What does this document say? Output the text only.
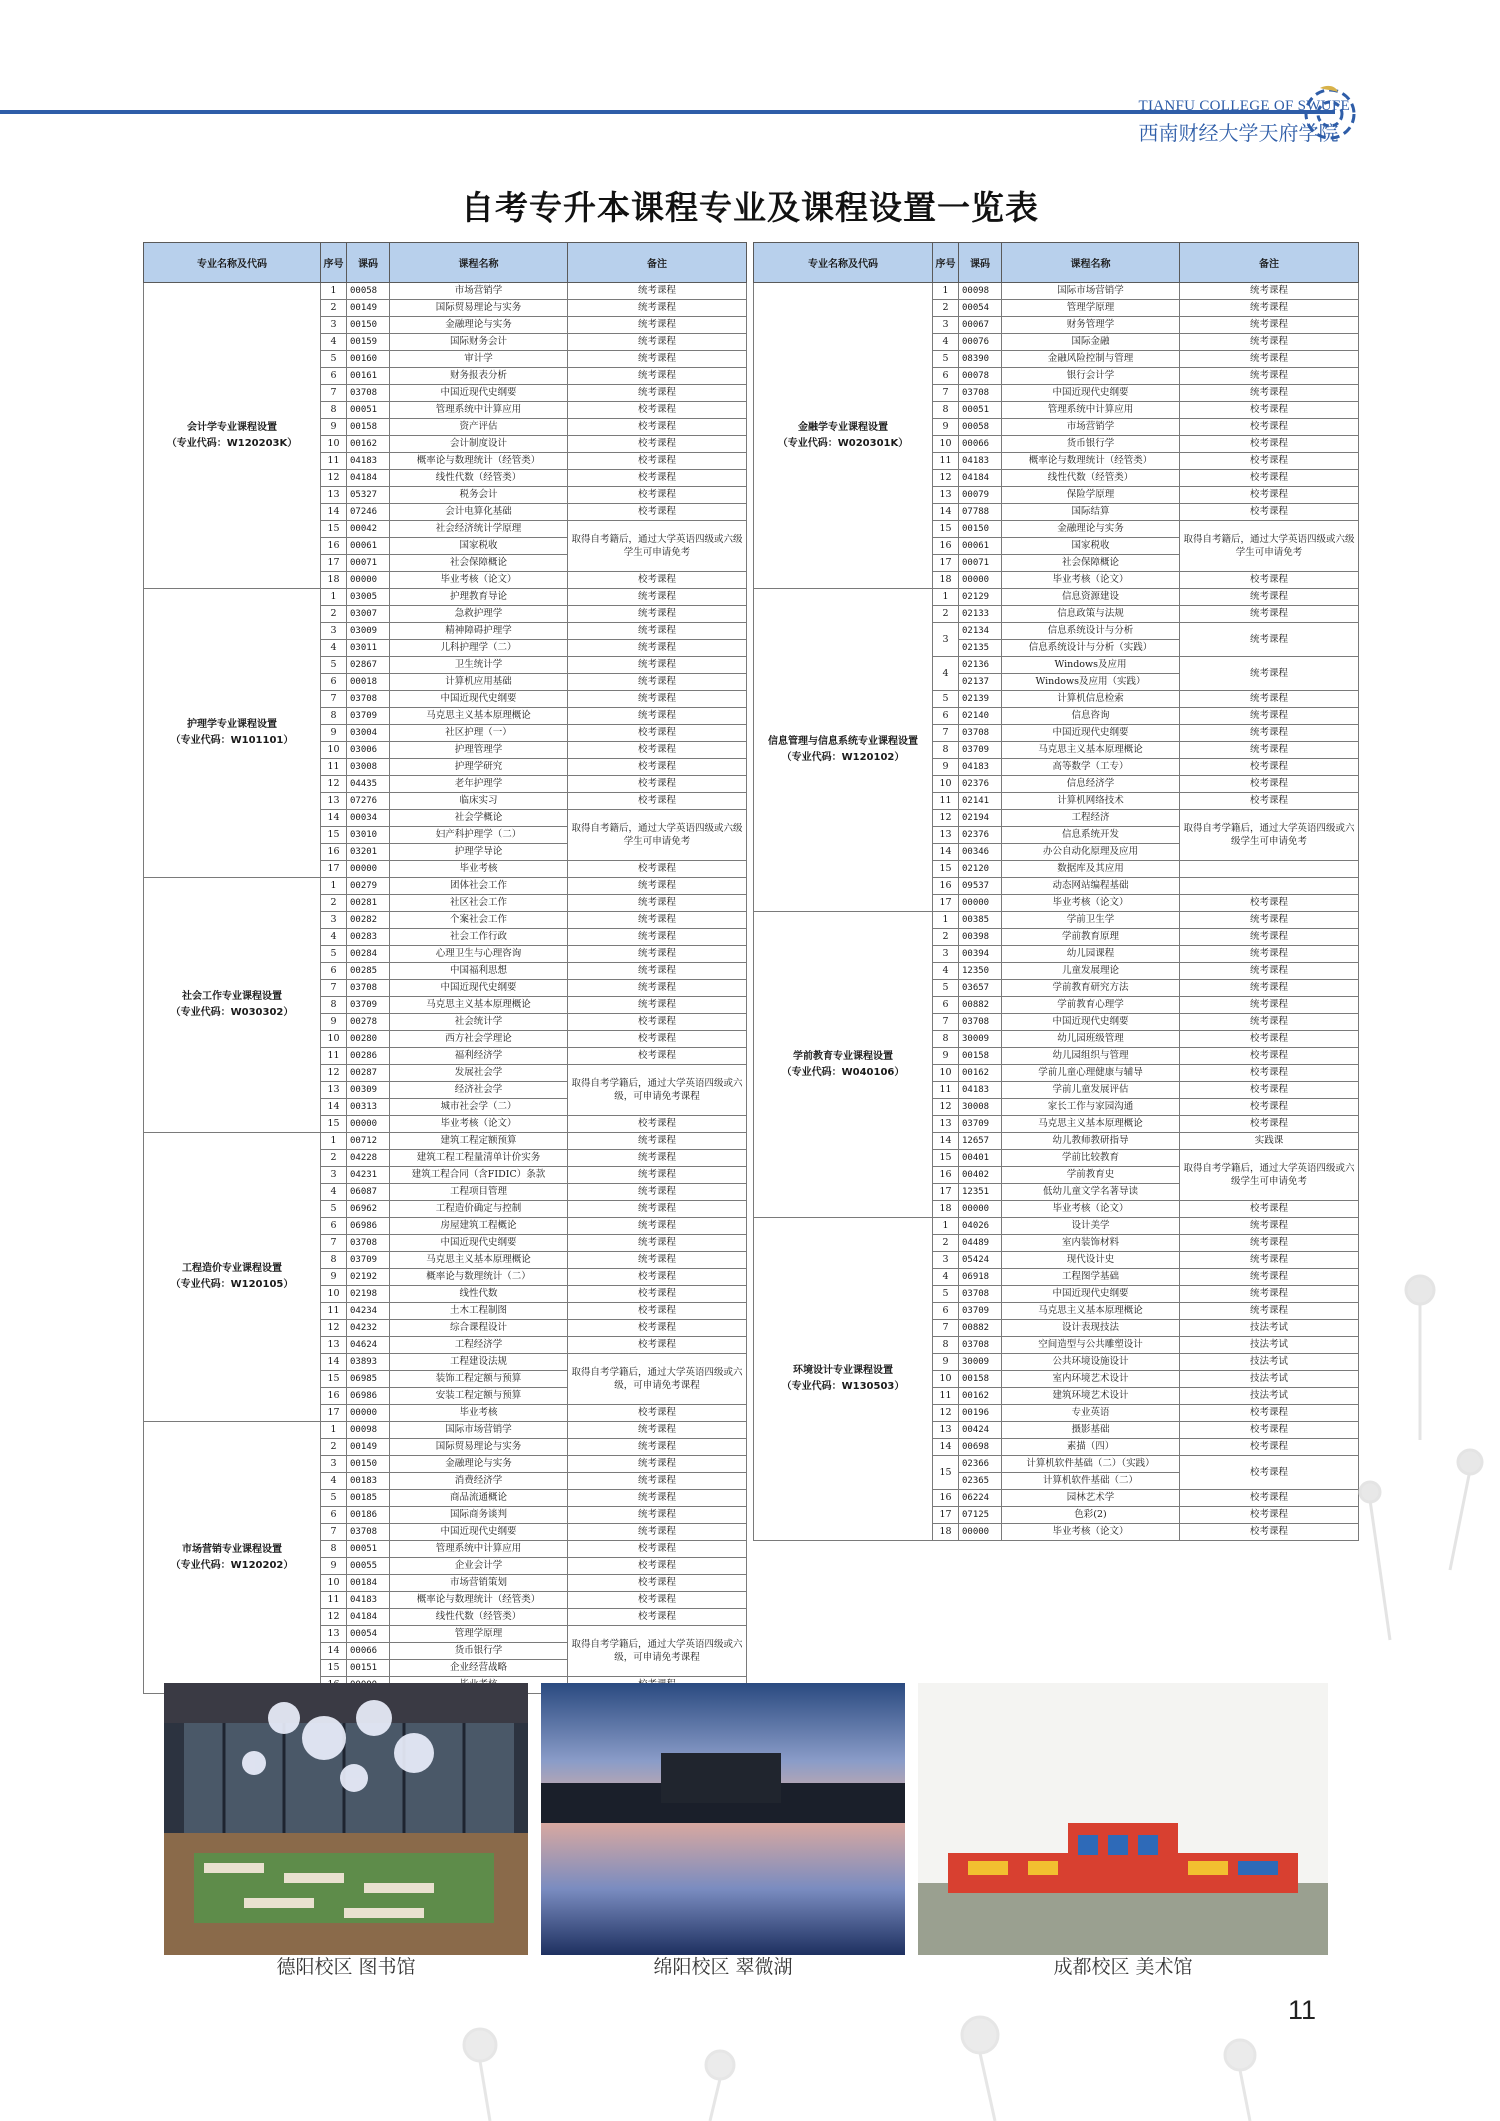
TIANFU COLLEGE OF SWUFE
西南财经大学天府学院
自考专升本课程专业及课程设置一览表
专业名称及代码	序号	课码	课程名称	备注

会计学专业课程设置
（专业代码：W120203K）	1	00058	市场营销学	统考课程
	2	00149	国际贸易理论与实务	统考课程
	3	00150	金融理论与实务	统考课程
	4	00159	国际财务会计	统考课程
	5	00160	审计学	统考课程
	6	00161	财务报表分析	统考课程
	7	03708	中国近现代史纲要	统考课程
	8	00051	管理系统中计算应用	校考课程
	9	00158	资产评估	校考课程
	10	00162	会计制度设计	校考课程
	11	04183	概率论与数理统计（经管类）	校考课程
	12	04184	线性代数（经管类）	校考课程
	13	05327	税务会计	校考课程
	14	07246	会计电算化基础	校考课程
	15	00042	社会经济统计学原理	取得自考籍后，通过大学英语四级或六级学生可申请免考
	16	00061	国家税收	
	17	00071	社会保障概论	
	18	00000	毕业考核（论文）	校考课程

护理学专业课程设置
（专业代码：W101101）	1	03005	护理教育导论	统考课程
	2	03007	急救护理学	统考课程
	3	03009	精神障碍护理学	统考课程
	4	03011	儿科护理学（二）	统考课程
	5	02867	卫生统计学	统考课程
	6	00018	计算机应用基础	统考课程
	7	03708	中国近现代史纲要	统考课程
	8	03709	马克思主义基本原理概论	统考课程
	9	03004	社区护理（一）	校考课程
	10	03006	护理管理学	校考课程
	11	03008	护理学研究	校考课程
	12	04435	老年护理学	校考课程
	13	07276	临床实习	校考课程
	14	00034	社会学概论	取得自考籍后，通过大学英语四级或六级学生可申请免考
	15	03010	妇产科护理学（二）	
	16	03201	护理学导论	
	17	00000	毕业考核	校考课程

社会工作专业课程设置
（专业代码：W030302）	1	00279	团体社会工作	统考课程
	2	00281	社区社会工作	统考课程
	3	00282	个案社会工作	统考课程
	4	00283	社会工作行政	统考课程
	5	00284	心理卫生与心理咨询	统考课程
	6	00285	中国福利思想	统考课程
	7	03708	中国近现代史纲要	统考课程
	8	03709	马克思主义基本原理概论	统考课程
	9	00278	社会统计学	校考课程
	10	00280	西方社会学理论	校考课程
	11	00286	福利经济学	校考课程
	12	00287	发展社会学	取得自考学籍后，通过大学英语四级或六级，可申请免考课程
	13	00309	经济社会学	
	14	00313	城市社会学（二）	
	15	00000	毕业考核（论文）	校考课程

工程造价专业课程设置
（专业代码：W120105）	1	00712	建筑工程定额预算	统考课程
	2	04228	建筑工程工程量清单计价实务	统考课程
	3	04231	建筑工程合同（含FIDIC）条款	统考课程
	4	06087	工程项目管理	统考课程
	5	06962	工程造价确定与控制	统考课程
	6	06986	房屋建筑工程概论	统考课程
	7	03708	中国近现代史纲要	统考课程
	8	03709	马克思主义基本原理概论	统考课程
	9	02192	概率论与数理统计（二）	校考课程
	10	02198	线性代数	校考课程
	11	04234	土木工程制图	校考课程
	12	04232	综合课程设计	校考课程
	13	04624	工程经济学	校考课程
	14	03893	工程建设法规	取得自考学籍后，通过大学英语四级或六级，可申请免考课程
	15	06985	装饰工程定额与预算	
	16	06986	安装工程定额与预算	
	17	00000	毕业考核	校考课程

市场营销专业课程设置
（专业代码：W120202）	1	00098	国际市场营销学	统考课程
	2	00149	国际贸易理论与实务	统考课程
	3	00150	金融理论与实务	统考课程
	4	00183	消费经济学	统考课程
	5	00185	商品流通概论	统考课程
	6	00186	国际商务谈判	统考课程
	7	03708	中国近现代史纲要	统考课程
	8	00051	管理系统中计算应用	校考课程
	9	00055	企业会计学	校考课程
	10	00184	市场营销策划	校考课程
	11	04183	概率论与数理统计（经管类）	校考课程
	12	04184	线性代数（经管类）	校考课程
	13	00054	管理学原理	取得自考学籍后，通过大学英语四级或六级，可申请免考课程
	14	00066	货币银行学	
	15	00151	企业经营战略	

专业名称及代码	序号	课码	课程名称	备注

金融学专业课程设置
（专业代码：W020301K）	1	00098	国际市场营销学	统考课程
	2	00054	管理学原理	统考课程
	3	00067	财务管理学	统考课程
	4	00076	国际金融	统考课程
	5	08390	金融风险控制与管理	统考课程
	6	00078	银行会计学	统考课程
	7	03708	中国近现代史纲要	统考课程
	8	00051	管理系统中计算应用	校考课程
	9	00058	市场营销学	校考课程
	10	00066	货币银行学	校考课程
	11	04183	概率论与数理统计（经管类）	校考课程
	12	04184	线性代数（经管类）	校考课程
	13	00079	保险学原理	校考课程
	14	07788	国际结算	校考课程
	15	00150	金融理论与实务	取得自考籍后，通过大学英语四级或六级学生可申请免考
	16	00061	国家税收	
	17	00071	社会保障概论	
	18	00000	毕业考核（论文）	校考课程

信息管理与信息系统专业课程设置
（专业代码：W120102）	1	02129	信息资源建设	统考课程
	2	02133	信息政策与法规	统考课程
	3	02134	信息系统设计与分析	统考课程
		02135	信息系统设计与分析（实践）	
	4	02136	Windows及应用	统考课程
		02137	Windows及应用（实践）	
	5	02139	计算机信息检索	统考课程
	6	02140	信息咨询	统考课程
	7	03708	中国近现代史纲要	统考课程
	8	03709	马克思主义基本原理概论	统考课程
	9	04183	高等数学（工专）	校考课程
	10	02376	信息经济学	校考课程
	11	02141	计算机网络技术	校考课程
	12	02194	工程经济	取得自考学籍后，通过大学英语四级或六级学生可申请免考
	13	02376	信息系统开发	
	14	00346	办公自动化原理及应用	
	15	02120	数据库及其应用	
	16	09537	动态网站编程基础	
	17	00000	毕业考核（论文）	校考课程

学前教育专业课程设置
（专业代码：W040106）	1	00385	学前卫生学	统考课程
	2	00398	学前教育原理	统考课程
	3	00394	幼儿园课程	统考课程
	4	12350	儿童发展理论	统考课程
	5	03657	学前教育研究方法	统考课程
	6	00882	学前教育心理学	统考课程
	7	03708	中国近现代史纲要	统考课程
	8	30009	幼儿园班级管理	校考课程
	9	00158	幼儿园组织与管理	校考课程
	10	00162	学前儿童心理健康与辅导	校考课程
	11	04183	学前儿童发展评估	校考课程
	12	30008	家长工作与家园沟通	校考课程
	13	03709	马克思主义基本原理概论	校考课程
	14	12657	幼儿教师教研指导	实践课
	15	00401	学前比较教育	取得自考学籍后，通过大学英语四级或六级学生可申请免考
	16	00402	学前教育史	
	17	12351	低幼儿童文学名著导读	
	18	00000	毕业考核（论文）	校考课程

环境设计专业课程设置
（专业代码：W130503）	1	04026	设计美学	统考课程
	2	04489	室内装饰材料	统考课程
	3	05424	现代设计史	统考课程
	4	06918	工程图学基础	统考课程
	5	03708	中国近现代史纲要	统考课程
	6	03709	马克思主义基本原理概论	统考课程
	7	00882	设计表现技法	技法考试
	8	03708	空间造型与公共雕塑设计	技法考试
	9	30009	公共环境设施设计	技法考试
	10	00158	室内环境艺术设计	技法考试
	11	00162	建筑环境艺术设计	技法考试
	12	00196	专业英语	校考课程
	13	00424	摄影基础	校考课程
	14	00698	素描（四）	校考课程
	15	02366	计算机软件基础（二）（实践）	校考课程
		02365	计算机软件基础（二）	
	16	06224	园林艺术学	校考课程
	17	07125	色彩(2)	校考课程
	18	00000	毕业考核（论文）	校考课程
德阳校区 图书馆	绵阳校区 翠微湖	成都校区 美术馆
11
